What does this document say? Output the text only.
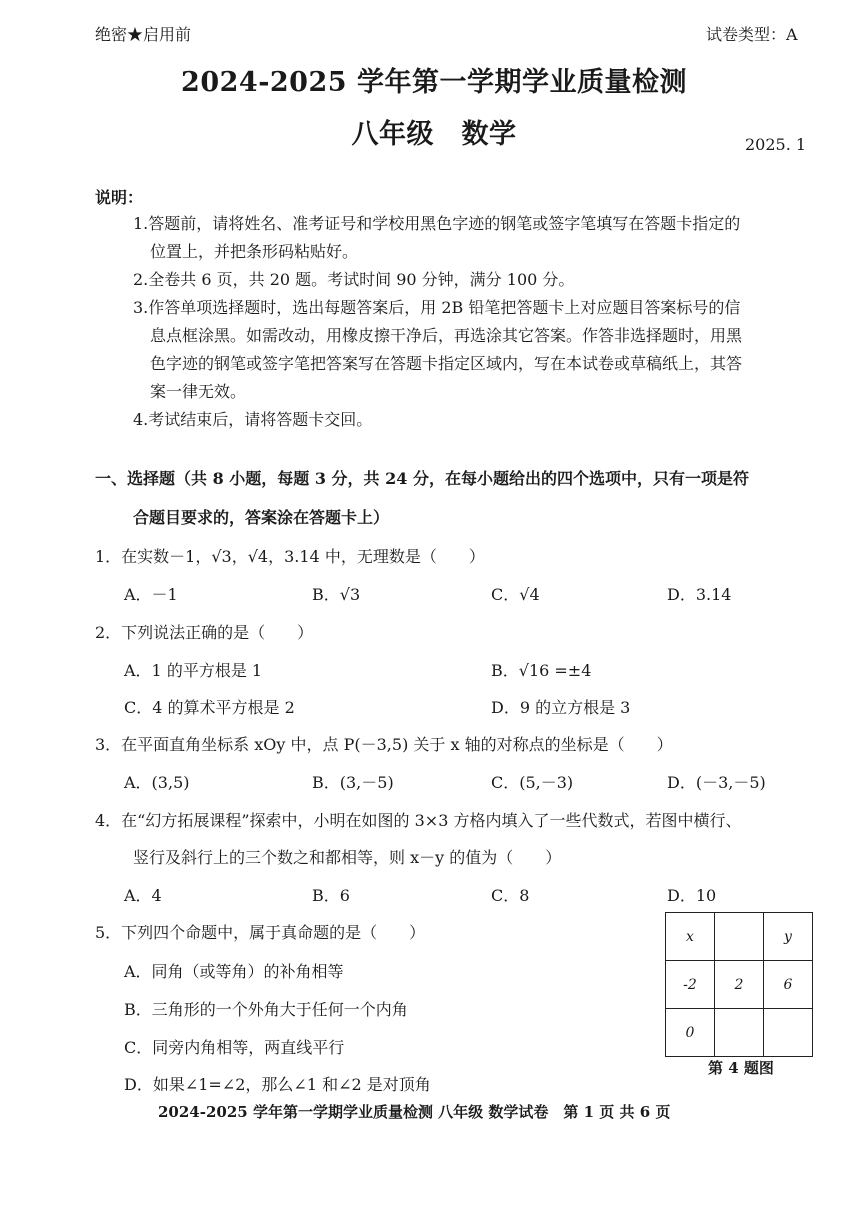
绝密★启用前	试卷类型：A
2024-2025 学年第一学期学业质量检测
八年级　数学	2025. 1
说明：
1.答题前，请将姓名、准考证号和学校用黑色字迹的钢笔或签字笔填写在答题卡指定的
位置上，并把条形码粘贴好。
2.全卷共 6 页，共 20 题。考试时间 90 分钟，满分 100 分。
3.作答单项选择题时，选出每题答案后，用 2B 铅笔把答题卡上对应题目答案标号的信
息点框涂黑。如需改动，用橡皮擦干净后，再选涂其它答案。作答非选择题时，用黑
色字迹的钢笔或签字笔把答案写在答题卡指定区域内，写在本试卷或草稿纸上，其答
案一律无效。
4.考试结束后，请将答题卡交回。
一、选择题（共 8 小题，每题 3 分，共 24 分，在每小题给出的四个选项中，只有一项是符
合题目要求的，答案涂在答题卡上）
1．在实数－1，√3，√4，3.14 中，无理数是（　　）
A．－1	B．√3	C．√4	D．3.14
2．下列说法正确的是（　　）
A．1 的平方根是 1	B．√16 =±4
C．4 的算术平方根是 2	D．9 的立方根是 3
3．在平面直角坐标系 xOy 中，点 P(－3,5) 关于 x 轴的对称点的坐标是（　　）
A．(3,5)	B．(3,－5)	C．(5,－3)	D．(－3,－5)
4．在“幻方拓展课程”探索中，小明在如图的 3×3 方格内填入了一些代数式，若图中横行、
竖行及斜行上的三个数之和都相等，则 x－y 的值为（　　）
A．4	B．6	C．8	D．10
5．下列四个命题中，属于真命题的是（　　）
A．同角（或等角）的补角相等
B．三角形的一个外角大于任何一个内角
C．同旁内角相等，两直线平行
D．如果∠1=∠2，那么∠1 和∠2 是对顶角
x		y
-2	2	6
0		
第 4 题图
2024-2025 学年第一学期学业质量检测 八年级 数学试卷　第 1 页 共 6 页
